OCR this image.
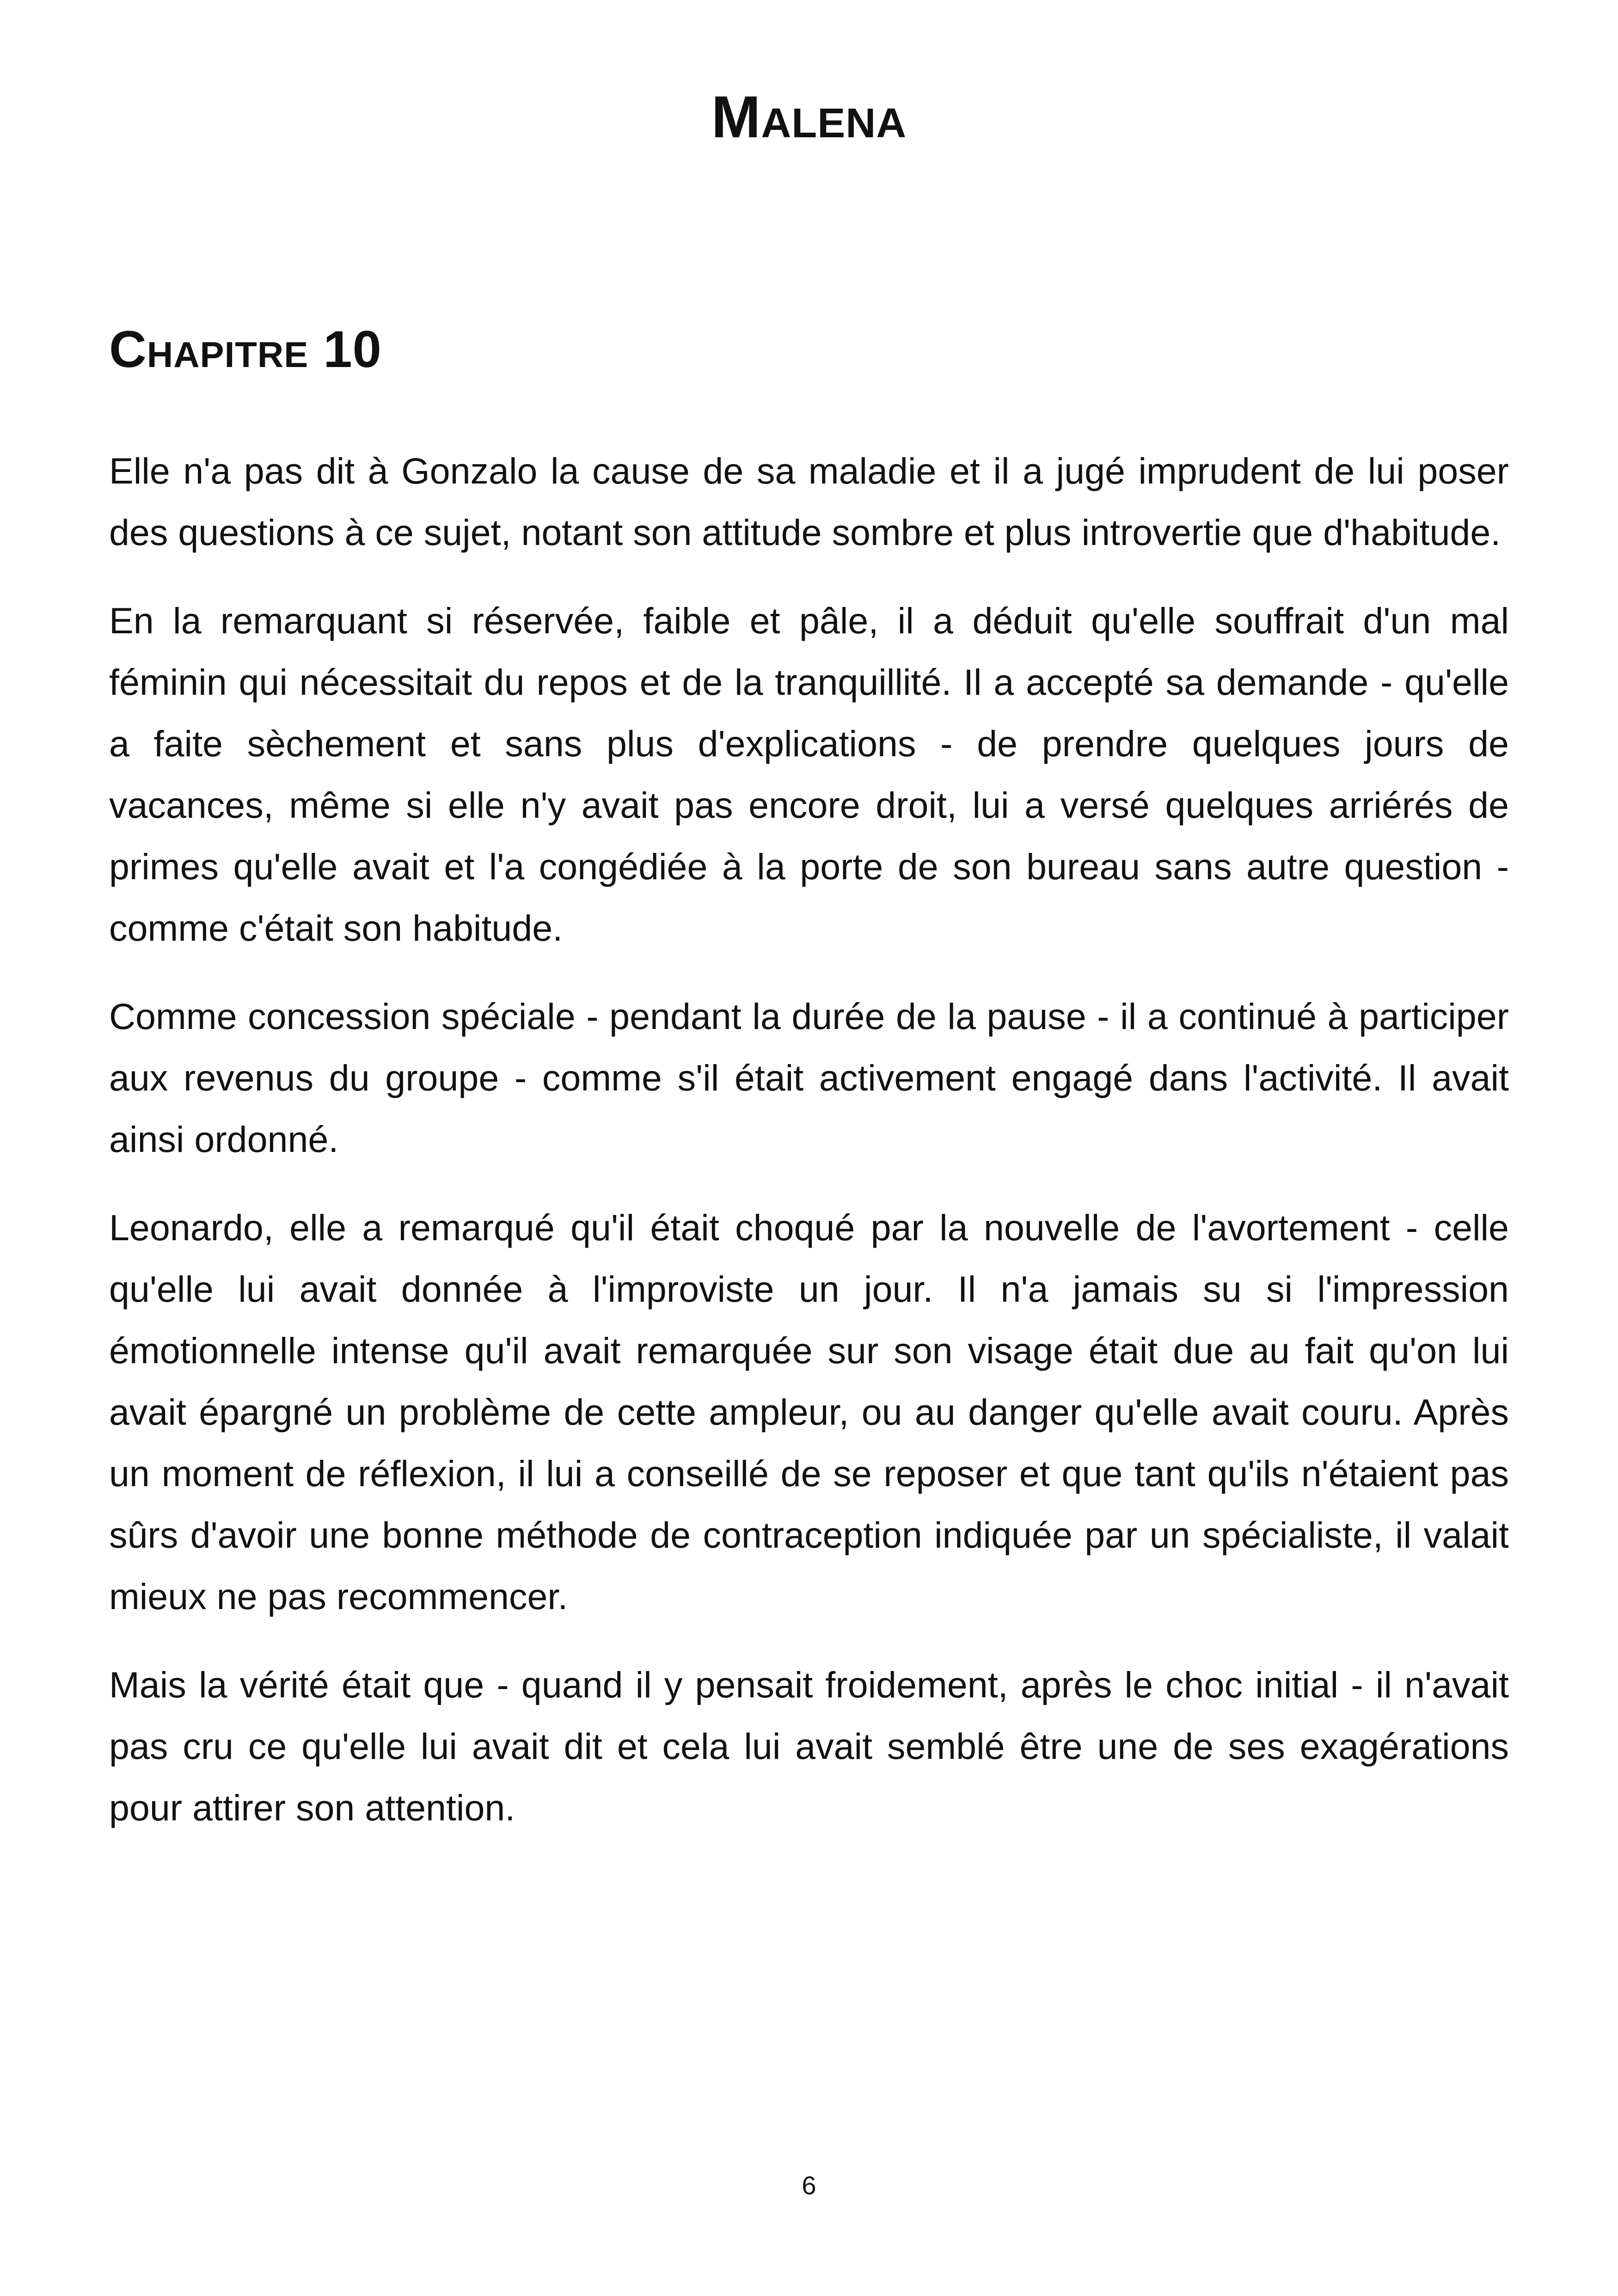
Malena
Chapitre 10

Elle n'a pas dit à Gonzalo la cause de sa maladie et il a jugé imprudent de lui poser des questions à ce sujet, notant son attitude sombre et plus introvertie que d'habitude.

En la remarquant si réservée, faible et pâle, il a déduit qu'elle souffrait d'un mal féminin qui nécessitait du repos et de la tranquillité. Il a accepté sa demande - qu'elle a faite sèchement et sans plus d'explications - de prendre quelques jours de vacances, même si elle n'y avait pas encore droit, lui a versé quelques arriérés de primes qu'elle avait et l'a congédiée à la porte de son bureau sans autre question - comme c'était son habitude.

Comme concession spéciale - pendant la durée de la pause - il a continué à participer aux revenus du groupe - comme s'il était activement engagé dans l'activité. Il avait ainsi ordonné.

Leonardo, elle a remarqué qu'il était choqué par la nouvelle de l'avortement - celle qu'elle lui avait donnée à l'improviste un jour. Il n'a jamais su si l'impression émotionnelle intense qu'il avait remarquée sur son visage était due au fait qu'on lui avait épargné un problème de cette ampleur, ou au danger qu'elle avait couru. Après un moment de réflexion, il lui a conseillé de se reposer et que tant qu'ils n'étaient pas sûrs d'avoir une bonne méthode de contraception indiquée par un spécialiste, il valait mieux ne pas recommencer.

Mais la vérité était que - quand il y pensait froidement, après le choc initial - il n'avait pas cru ce qu'elle lui avait dit et cela lui avait semblé être une de ses exagérations pour attirer son attention.

6
